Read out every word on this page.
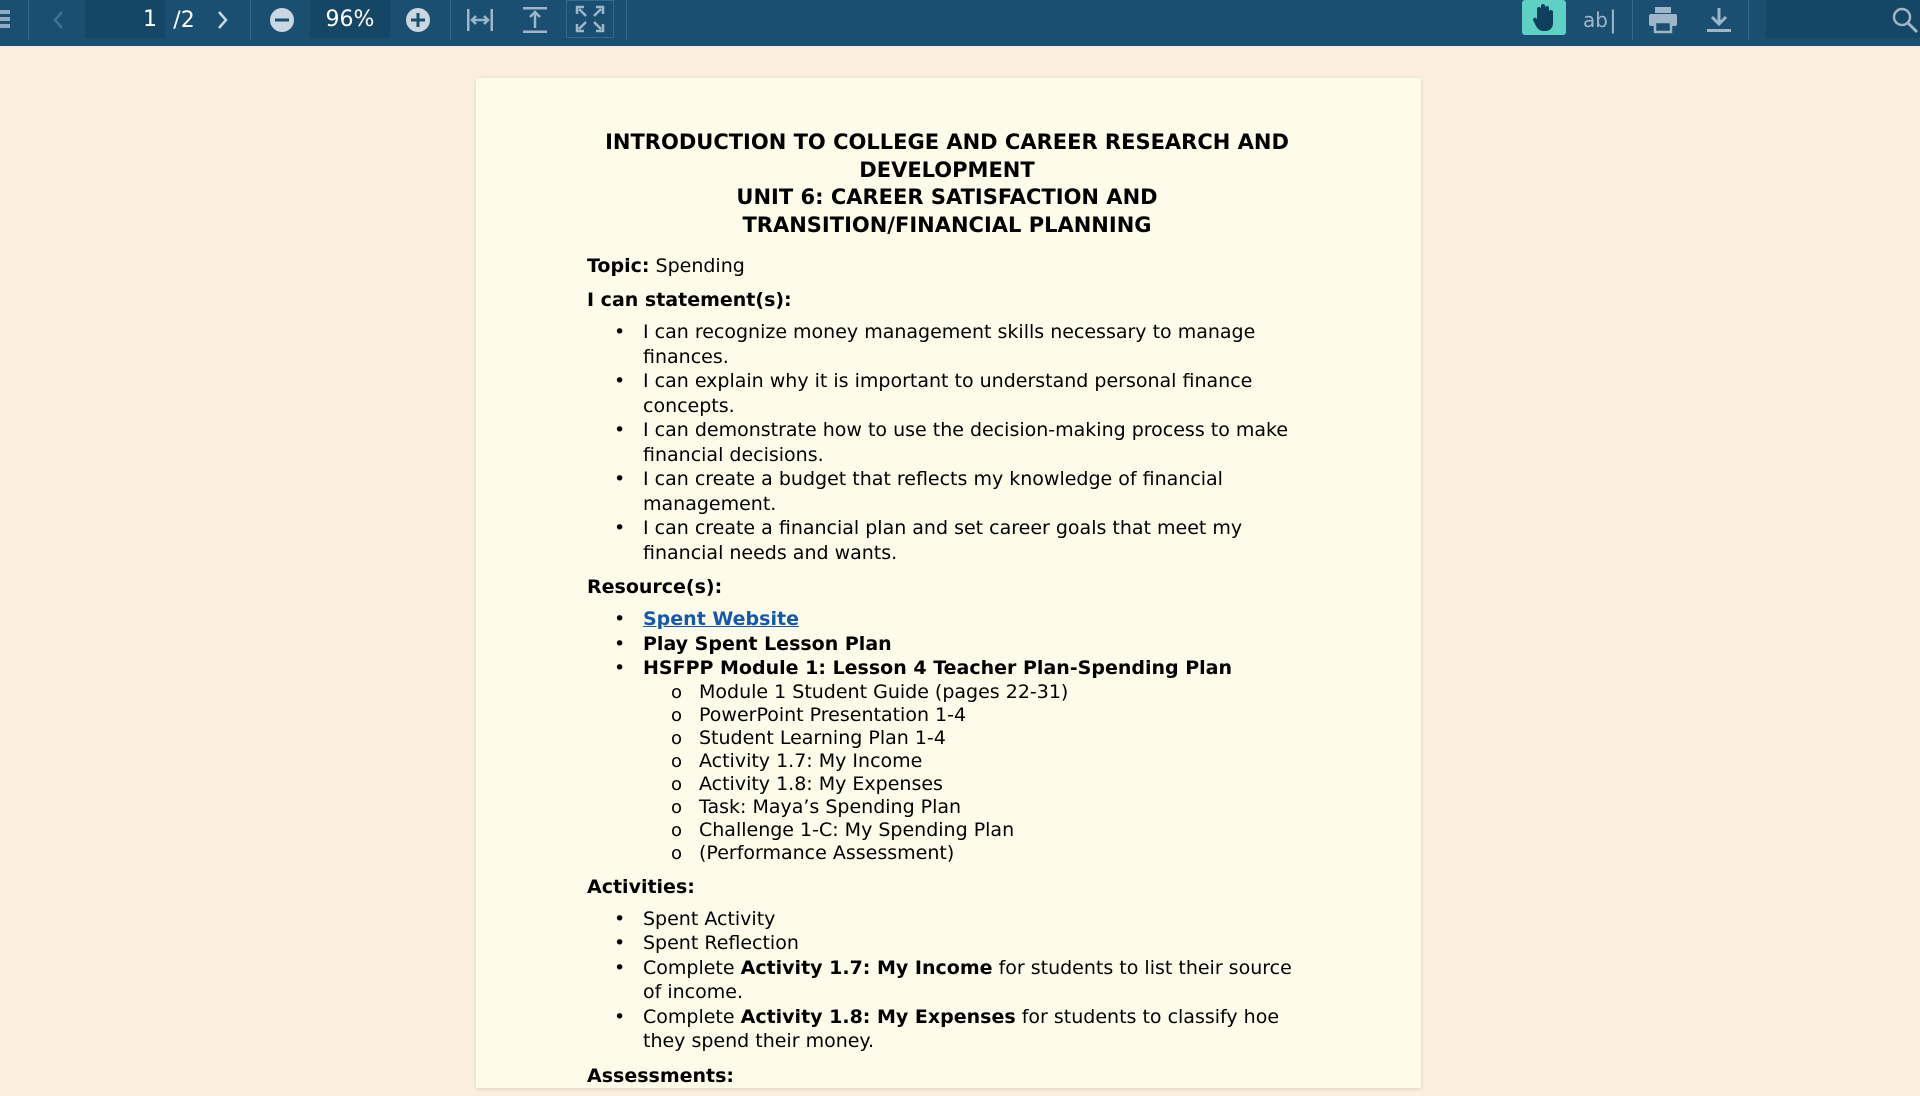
1 /2	96%	ab |
INTRODUCTION TO COLLEGE AND CAREER RESEARCH AND
DEVELOPMENT
UNIT 6: CAREER SATISFACTION AND
TRANSITION/FINANCIAL PLANNING

Topic: Spending

I can statement(s):

• I can recognize money management skills necessary to manage finances.
• I can explain why it is important to understand personal finance concepts.
• I can demonstrate how to use the decision-making process to make financial decisions.
• I can create a budget that reflects my knowledge of financial management.
• I can create a financial plan and set career goals that meet my financial needs and wants.

Resource(s):

• Spent Website
• Play Spent Lesson Plan
• HSFPP Module 1: Lesson 4 Teacher Plan-Spending Plan
o Module 1 Student Guide (pages 22-31)
o PowerPoint Presentation 1-4
o Student Learning Plan 1-4
o Activity 1.7: My Income
o Activity 1.8: My Expenses
o Task: Maya’s Spending Plan
o Challenge 1-C: My Spending Plan
o (Performance Assessment)

Activities:

• Spent Activity
• Spent Reflection
• Complete Activity 1.7: My Income for students to list their source of income.
• Complete Activity 1.8: My Expenses for students to classify hoe they spend their money.

Assessments:
